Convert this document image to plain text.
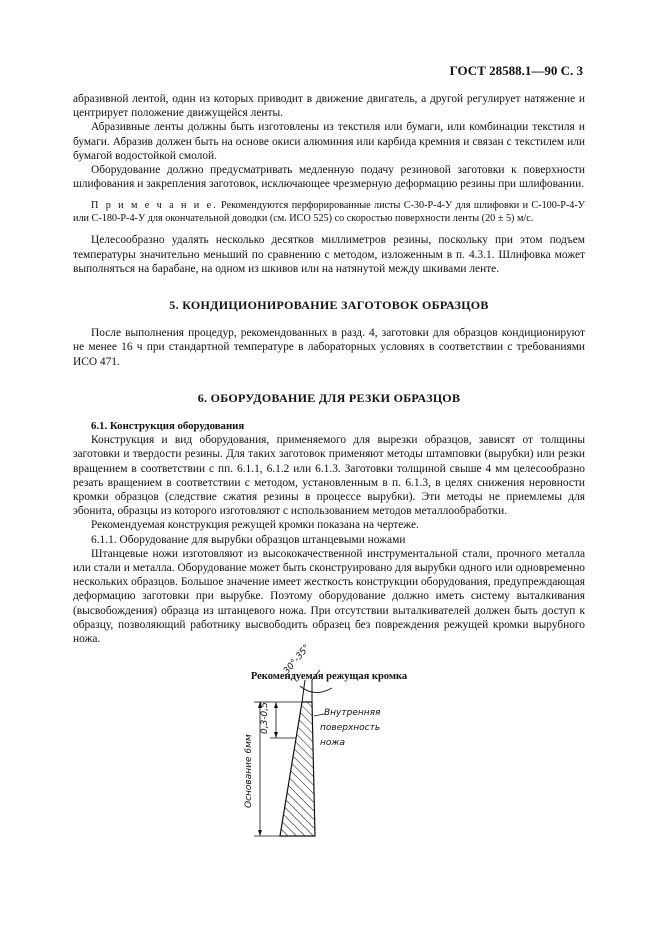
ГОСТ 28588.1—90 С. 3

абразивной лентой, один из которых приводит в движение двигатель, а другой регулирует натяжение и центрирует положение движущейся ленты.

Абразивные ленты должны быть изготовлены из текстиля или бумаги, или комбинации текстиля и бумаги. Абразив должен быть на основе окиси алюминия или карбида кремния и связан с текстилем или бумагой водостойкой смолой.

Оборудование должно предусматривать медленную подачу резиновой заготовки к поверхности шлифования и закрепления заготовок, исключающее чрезмерную деформацию резины при шлифовании.

П р и м е ч а н и е. Рекомендуются перфорированные листы С-30-Р-4-У для шлифовки и С-100-Р-4-У или С-180-Р-4-У для окончательной доводки (см. ИСО 525) со скоростью поверхности ленты (20 ± 5) м/с.

Целесообразно удалять несколько десятков миллиметров резины, поскольку при этом подъем температуры значительно меньший по сравнению с методом, изложенным в п. 4.3.1. Шлифовка может выполняться на барабане, на одном из шкивов или на натянутой между шкивами ленте.

5. КОНДИЦИОНИРОВАНИЕ ЗАГОТОВОК ОБРАЗЦОВ

После выполнения процедур, рекомендованных в разд. 4, заготовки для образцов кондиционируют не менее 16 ч при стандартной температуре в лабораторных условиях в соответствии с требованиями ИСО 471.

6. ОБОРУДОВАНИЕ ДЛЯ РЕЗКИ ОБРАЗЦОВ

6.1. Конструкция оборудования

Конструкция и вид оборудования, применяемого для вырезки образцов, зависят от толщины заготовки и твердости резины. Для таких заготовок применяют методы штамповки (вырубки) или резки вращением в соответствии с пп. 6.1.1, 6.1.2 или 6.1.3. Заготовки толщиной свыше 4 мм целесообразно резать вращением в соответствии с методом, установленным в п. 6.1.3, в целях снижения неровности кромки образцов (следствие сжатия резины в процессе вырубки). Эти методы не приемлемы для эбонита, образцы из которого изготовляют с использованием методов металлообработки.

Рекомендуемая конструкция режущей кромки показана на чертеже.

6.1.1. Оборудование для вырубки образцов штанцевыми ножами

Штанцевые ножи изготовляют из высококачественной инструментальной стали, прочного металла или стали и металла. Оборудование может быть сконструировано для вырубки одного или одновременно нескольких образцов. Большое значение имеет жесткость конструкции оборудования, предупреждающая деформацию заготовки при вырубке. Поэтому оборудование должно иметь систему выталкивания (высвобождения) образца из штанцевого ножа. При отсутствии выталкивателей должен быть доступ к образцу, позволяющий работнику высвободить образец без повреждения режущей кромки вырубного ножа.

Рекомендуемая режущая кромка

30°-35°
0,3-0,5
Основание 6мм
Внутренняя
поверхность
ножа
